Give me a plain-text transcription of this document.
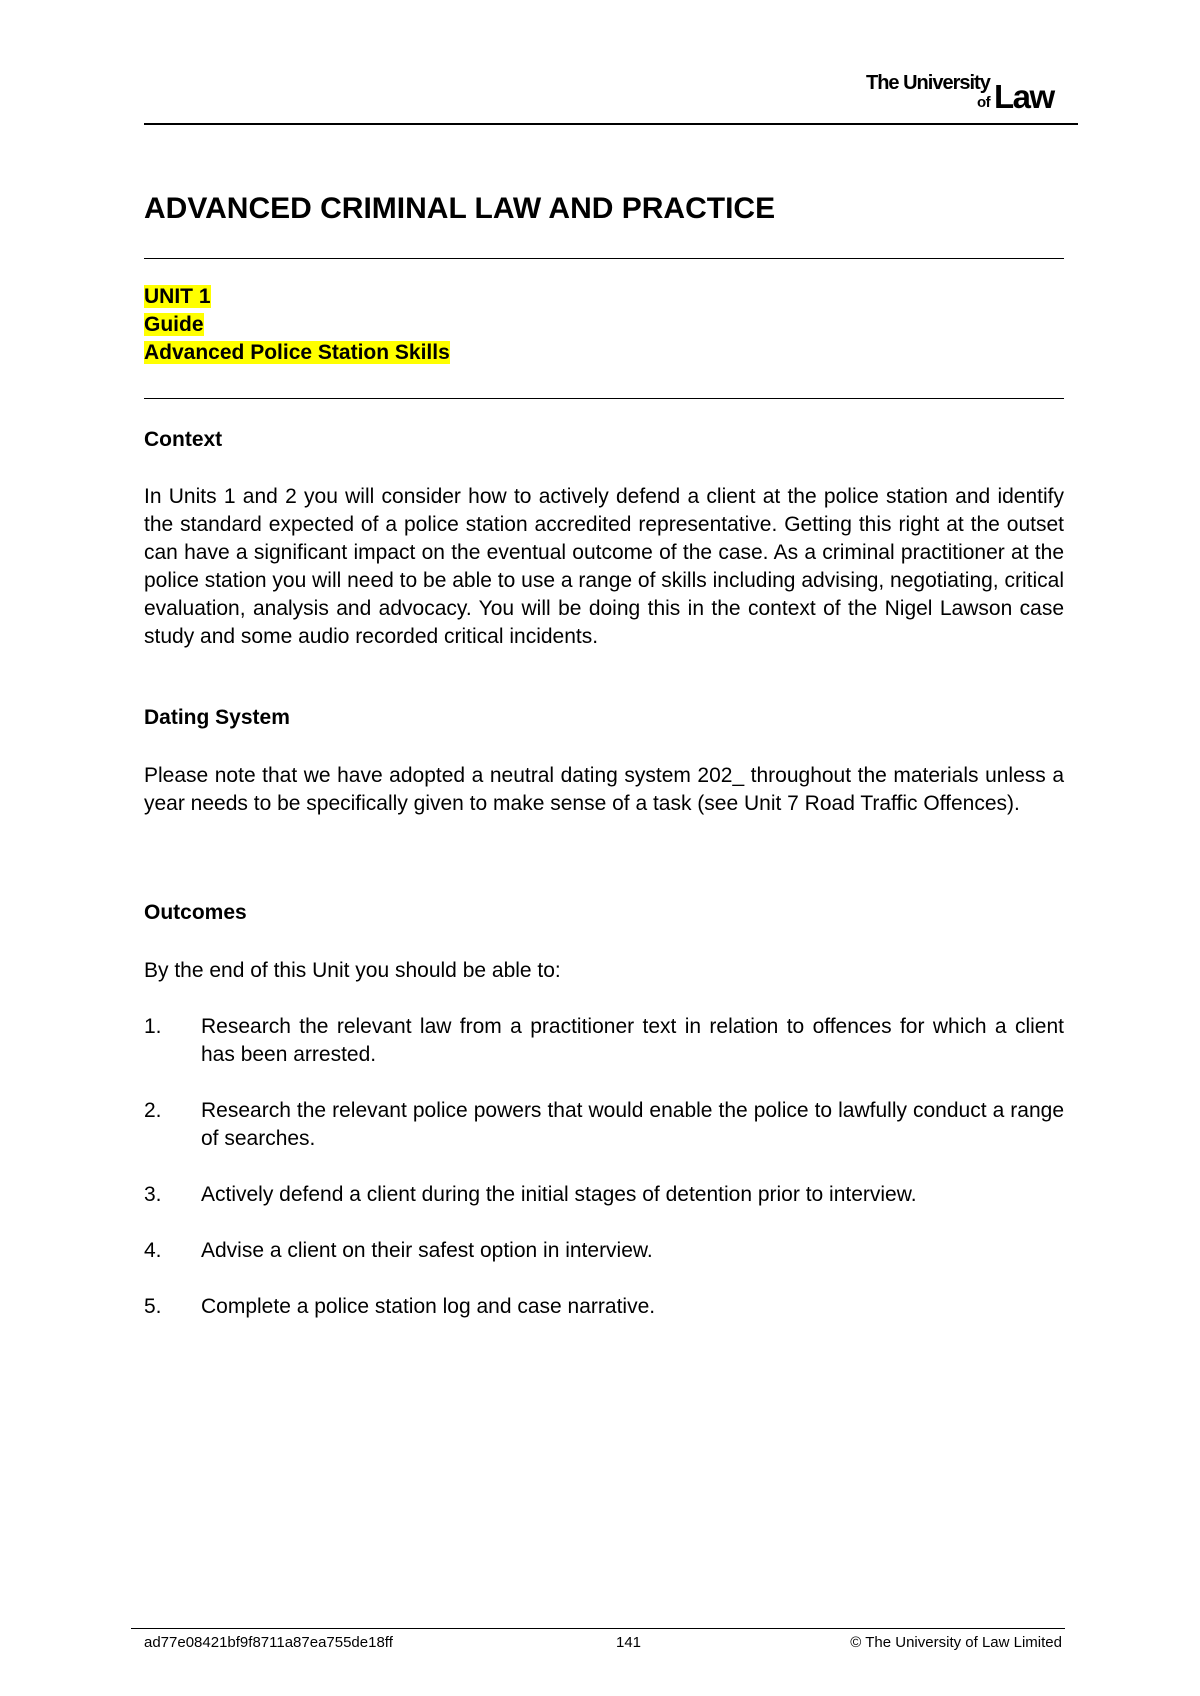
The University
of Law
ADVANCED CRIMINAL LAW AND PRACTICE
UNIT 1
Guide
Advanced Police Station Skills
Context
In Units 1 and 2 you will consider how to actively defend a client at the police station and identify the standard expected of a police station accredited representative. Getting this right at the outset can have a significant impact on the eventual outcome of the case. As a criminal practitioner at the police station you will need to be able to use a range of skills including advising, negotiating, critical evaluation, analysis and advocacy. You will be doing this in the context of the Nigel Lawson case study and some audio recorded critical incidents.
Dating System
Please note that we have adopted a neutral dating system 202_ throughout the materials unless a year needs to be specifically given to make sense of a task (see Unit 7 Road Traffic Offences).
Outcomes
By the end of this Unit you should be able to:
1. Research the relevant law from a practitioner text in relation to offences for which a client has been arrested.
2. Research the relevant police powers that would enable the police to lawfully conduct a range of searches.
3. Actively defend a client during the initial stages of detention prior to interview.
4. Advise a client on their safest option in interview.
5. Complete a police station log and case narrative.
ad77e08421bf9f8711a87ea755de18ff	141	© The University of Law Limited
